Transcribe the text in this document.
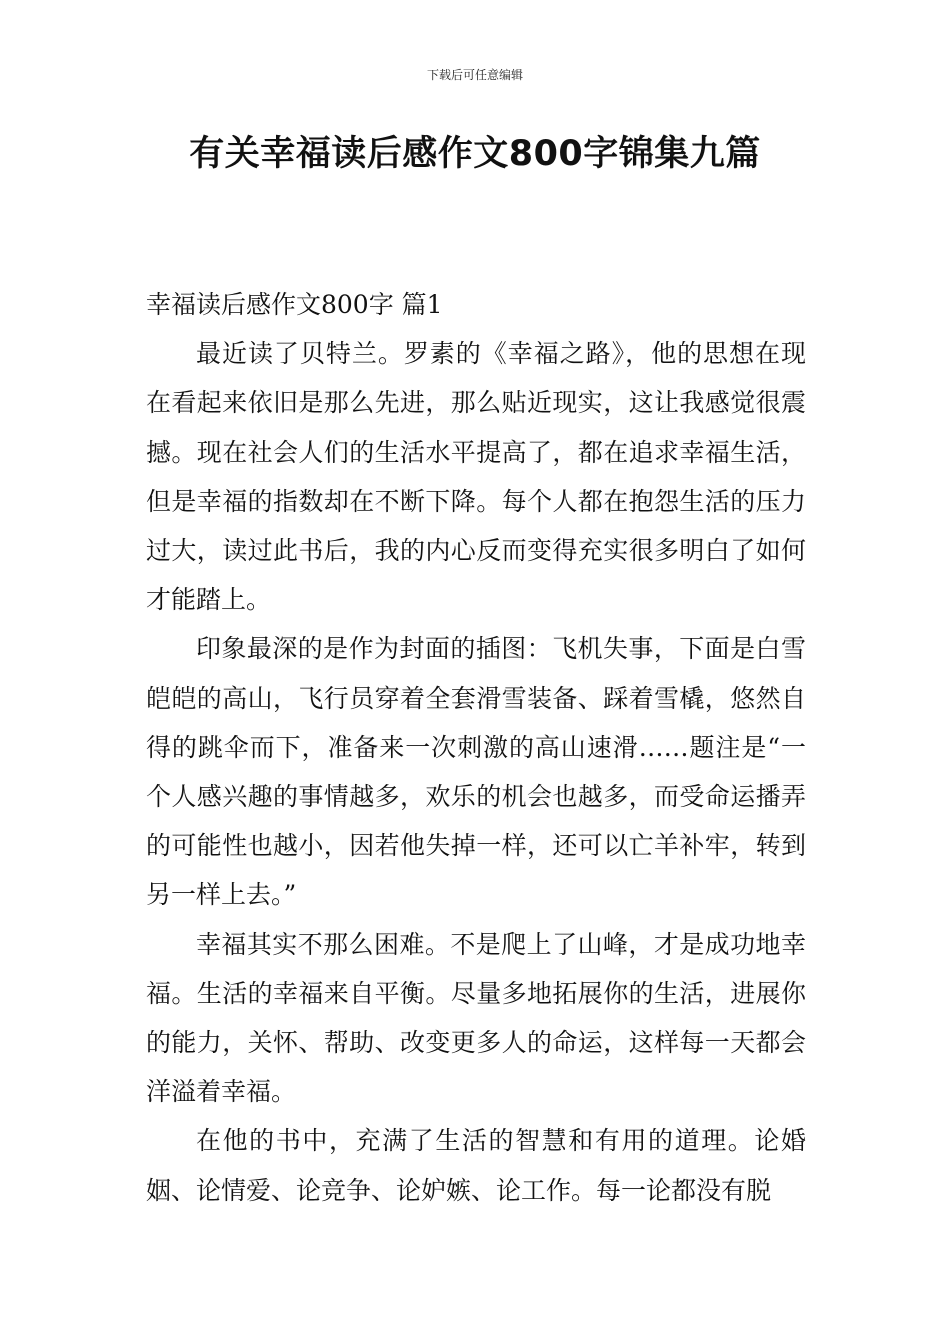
下载后可任意编辑
有关幸福读后感作文800字锦集九篇

幸福读后感作文800字 篇1

最近读了贝特兰。罗素的《幸福之路》，他的思想在现在看起来依旧是那么先进，那么贴近现实，这让我感觉很震撼。现在社会人们的生活水平提高了，都在追求幸福生活，但是幸福的指数却在不断下降。每个人都在抱怨生活的压力过大，读过此书后，我的内心反而变得充实很多明白了如何才能踏上。

印象最深的是作为封面的插图：飞机失事，下面是白雪皑皑的高山，飞行员穿着全套滑雪装备、踩着雪橇，悠然自得的跳伞而下，准备来一次刺激的高山速滑……题注是“一个人感兴趣的事情越多，欢乐的机会也越多，而受命运播弄的可能性也越小，因若他失掉一样，还可以亡羊补牢，转到另一样上去。”

幸福其实不那么困难。不是爬上了山峰，才是成功地幸福。生活的幸福来自平衡。尽量多地拓展你的生活，进展你的能力，关怀、帮助、改变更多人的命运，这样每一天都会洋溢着幸福。

在他的书中，充满了生活的智慧和有用的道理。论婚姻、论情爱、论竞争、论妒嫉、论工作。每一论都没有脱
